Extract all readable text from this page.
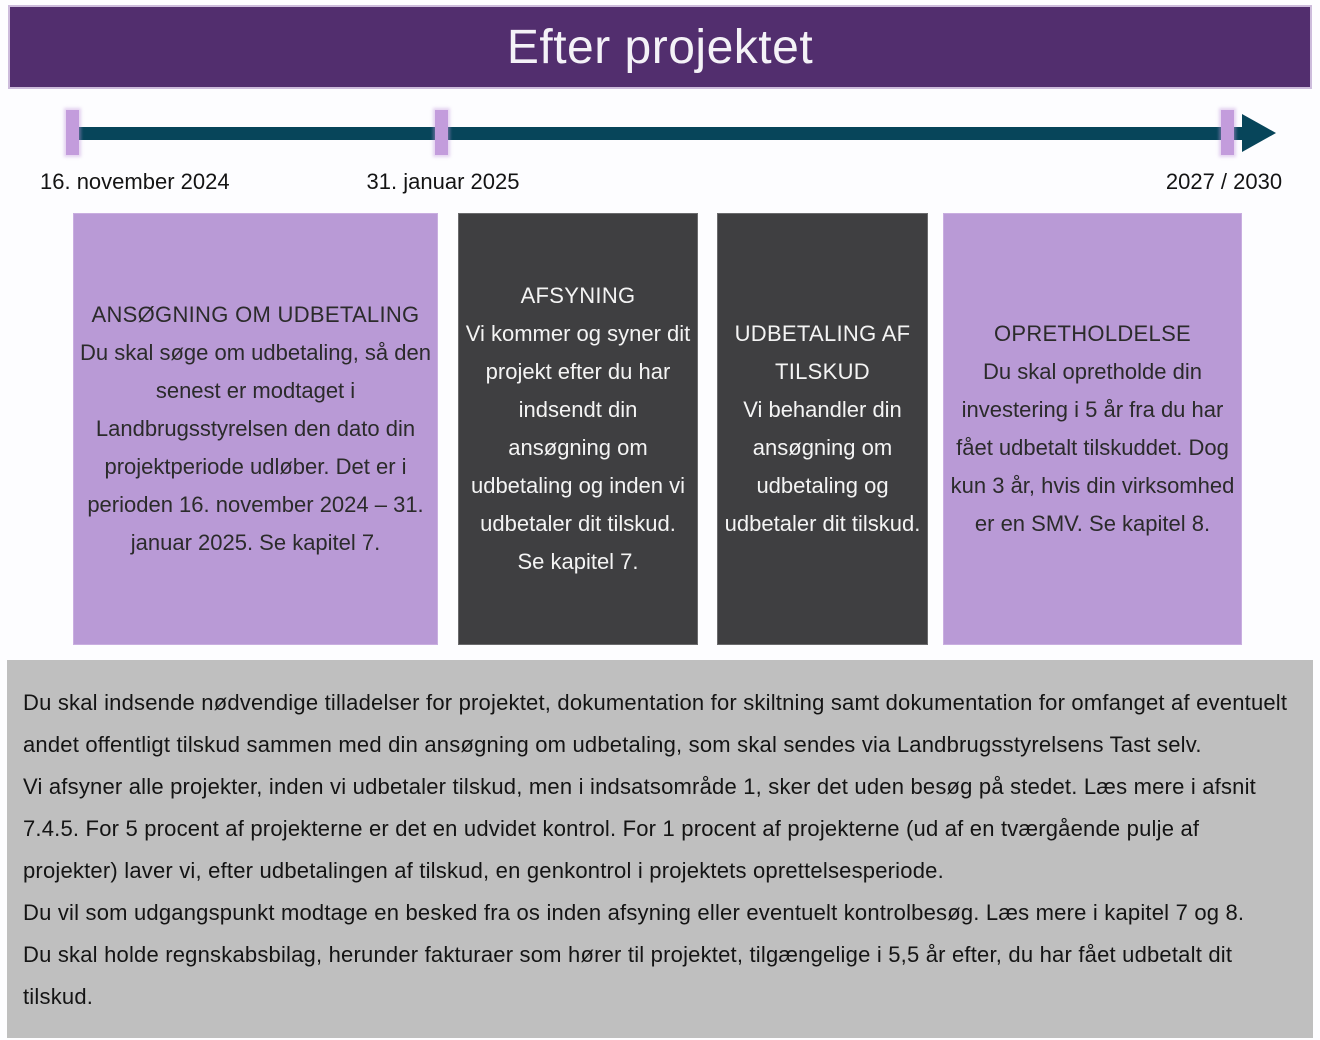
Efter projektet
16. november 2024	31. januar 2025	2027 / 2030
ANSØGNING OM UDBETALING
Du skal søge om udbetaling, så den senest er modtaget i Landbrugsstyrelsen den dato din projektperiode udløber. Det er i perioden 16. november 2024 – 31. januar 2025. Se kapitel 7.
AFSYNING
Vi kommer og syner dit projekt efter du har indsendt din ansøgning om udbetaling og inden vi udbetaler dit tilskud. Se kapitel 7.
UDBETALING AF TILSKUD
Vi behandler din ansøgning om udbetaling og udbetaler dit tilskud.
OPRETHOLDELSE
Du skal opretholde din investering i 5 år fra du har fået udbetalt tilskuddet. Dog kun 3 år, hvis din virksomhed er en SMV. Se kapitel 8.

Du skal indsende nødvendige tilladelser for projektet, dokumentation for skiltning samt dokumentation for omfanget af eventuelt andet offentligt tilskud sammen med din ansøgning om udbetaling, som skal sendes via Landbrugsstyrelsens Tast selv.

Vi afsyner alle projekter, inden vi udbetaler tilskud, men i indsatsområde 1, sker det uden besøg på stedet. Læs mere i afsnit 7.4.5. For 5 procent af projekterne er det en udvidet kontrol. For 1 procent af projekterne (ud af en tværgående pulje af projekter) laver vi, efter udbetalingen af tilskud, en genkontrol i projektets oprettelsesperiode.

Du vil som udgangspunkt modtage en besked fra os inden afsyning eller eventuelt kontrolbesøg. Læs mere i kapitel 7 og 8.

Du skal holde regnskabsbilag, herunder fakturaer som hører til projektet, tilgængelige i 5,5 år efter, du har fået udbetalt dit tilskud.
